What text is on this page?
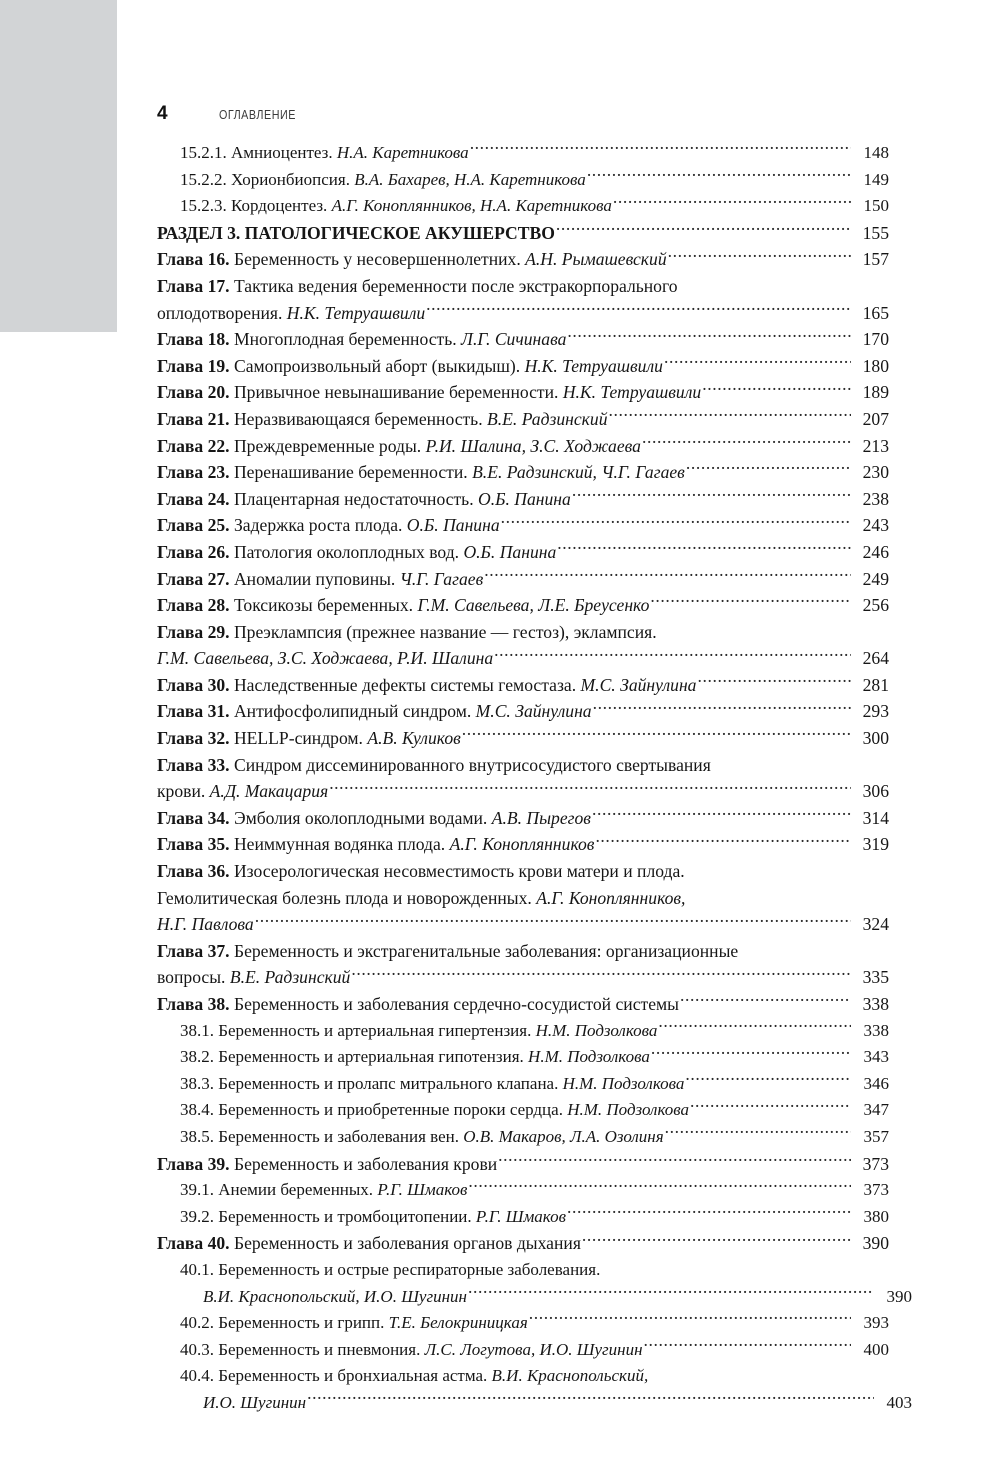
4	ОГЛАВЛЕНИЕ
15.2.1. Амниоцентез. Н.А. Каретникова .....	148
15.2.2. Хорионбиопсия. В.А. Бахарев, Н.А. Каретникова .....	149
15.2.3. Кордоцентез. А.Г. Коноплянников, Н.А. Каретникова .....	150
РАЗДЕЛ 3. ПАТОЛОГИЧЕСКОЕ АКУШЕРСТВО .....	155
Глава 16. Беременность у несовершеннолетних. А.Н. Рымашевский .....	157
Глава 17. Тактика ведения беременности после экстракорпорального
оплодотворения. Н.К. Тетруашвили .....	165
Глава 18. Многоплодная беременность. Л.Г. Сичинава .....	170
Глава 19. Самопроизвольный аборт (выкидыш). Н.К. Тетруашвили .....	180
Глава 20. Привычное невынашивание беременности. Н.К. Тетруашвили .....	189
Глава 21. Неразвивающаяся беременность. В.Е. Радзинский .....	207
Глава 22. Преждевременные роды. Р.И. Шалина, З.С. Ходжаева .....	213
Глава 23. Перенашивание беременности. В.Е. Радзинский, Ч.Г. Гагаев .....	230
Глава 24. Плацентарная недостаточность. О.Б. Панина .....	238
Глава 25. Задержка роста плода. О.Б. Панина .....	243
Глава 26. Патология околоплодных вод. О.Б. Панина .....	246
Глава 27. Аномалии пуповины. Ч.Г. Гагаев .....	249
Глава 28. Токсикозы беременных. Г.М. Савельева, Л.Е. Бреусенко .....	256
Глава 29. Преэклампсия (прежнее название — гестоз), эклампсия.
Г.М. Савельева, З.С. Ходжаева, Р.И. Шалина .....	264
Глава 30. Наследственные дефекты системы гемостаза. М.С. Зайнулина .....	281
Глава 31. Антифосфолипидный синдром. М.С. Зайнулина .....	293
Глава 32. HELLP-синдром. А.В. Куликов .....	300
Глава 33. Синдром диссеминированного внутрисосудистого свертывания
крови. А.Д. Макацария .....	306
Глава 34. Эмболия околоплодными водами. А.В. Пырегов .....	314
Глава 35. Неиммунная водянка плода. А.Г. Коноплянников .....	319
Глава 36. Изосерологическая несовместимость крови матери и плода.
Гемолитическая болезнь плода и новорожденных. А.Г. Коноплянников,
Н.Г. Павлова .....	324
Глава 37. Беременность и экстрагенитальные заболевания: организационные
вопросы. В.Е. Радзинский .....	335
Глава 38. Беременность и заболевания сердечно-сосудистой системы .....	338
38.1. Беременность и артериальная гипертензия. Н.М. Подзолкова .....	338
38.2. Беременность и артериальная гипотензия. Н.М. Подзолкова .....	343
38.3. Беременность и пролапс митрального клапана. Н.М. Подзолкова .....	346
38.4. Беременность и приобретенные пороки сердца. Н.М. Подзолкова .....	347
38.5. Беременность и заболевания вен. О.В. Макаров, Л.А. Озолиня .....	357
Глава 39. Беременность и заболевания крови .....	373
39.1. Анемии беременных. Р.Г. Шмаков .....	373
39.2. Беременность и тромбоцитопении. Р.Г. Шмаков .....	380
Глава 40. Беременность и заболевания органов дыхания .....	390
40.1. Беременность и острые респираторные заболевания.
В.И. Краснопольский, И.О. Шугинин .....	390
40.2. Беременность и грипп. Т.Е. Белокриницкая .....	393
40.3. Беременность и пневмония. Л.С. Логутова, И.О. Шугинин .....	400
40.4. Беременность и бронхиальная астма. В.И. Краснопольский,
И.О. Шугинин .....	403
